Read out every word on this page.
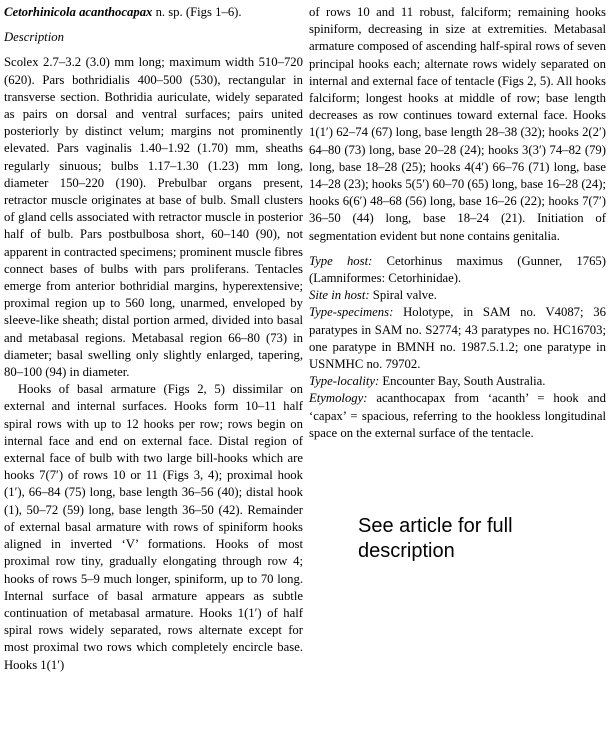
Cetorhinicola acanthocapax n. sp. (Figs 1–6).

Description

Scolex 2.7–3.2 (3.0) mm long; maximum width 510–720 (620). Pars bothridialis 400–500 (530), rectangular in transverse section. Bothridia auriculate, widely separated as pairs on dorsal and ventral surfaces; pairs united posteriorly by distinct velum; margins not prominently elevated. Pars vaginalis 1.40–1.92 (1.70) mm, sheaths regularly sinuous; bulbs 1.17–1.30 (1.23) mm long, diameter 150–220 (190). Prebulbar organs present, retractor muscle originates at base of bulb. Small clusters of gland cells associated with retractor muscle in posterior half of bulb. Pars postbulbosa short, 60–140 (90), not apparent in contracted specimens; prominent muscle fibres connect bases of bulbs with pars proliferans. Tentacles emerge from anterior bothridial margins, hyperextensive; proximal region up to 560 long, unarmed, enveloped by sleeve-like sheath; distal portion armed, divided into basal and metabasal regions. Metabasal region 66–80 (73) in diameter; basal swelling only slightly enlarged, tapering, 80–100 (94) in diameter.

Hooks of basal armature (Figs 2, 5) dissimilar on external and internal surfaces. Hooks form 10–11 half spiral rows with up to 12 hooks per row; rows begin on internal face and end on external face. Distal region of external face of bulb with two large bill-hooks which are hooks 7(7′) of rows 10 or 11 (Figs 3, 4); proximal hook (1′), 66–84 (75) long, base length 36–56 (40); distal hook (1), 50–72 (59) long, base length 36–50 (42). Remainder of external basal armature with rows of spiniform hooks aligned in inverted ‘V’ formations. Hooks of most proximal row tiny, gradually elongating through row 4; hooks of rows 5–9 much longer, spiniform, up to 70 long. Internal surface of basal armature appears as subtle continuation of metabasal armature. Hooks 1(1′) of half spiral rows widely separated, rows alternate except for most proximal two rows which completely encircle base. Hooks 1(1′)

of rows 10 and 11 robust, falciform; remaining hooks spiniform, decreasing in size at extremities. Metabasal armature composed of ascending half-spiral rows of seven principal hooks each; alternate rows widely separated on internal and external face of tentacle (Figs 2, 5). All hooks falciform; longest hooks at middle of row; base length decreases as row continues toward external face. Hooks 1(1′) 62–74 (67) long, base length 28–38 (32); hooks 2(2′) 64–80 (73) long, base 20–28 (24); hooks 3(3′) 74–82 (79) long, base 18–28 (25); hooks 4(4′) 66–76 (71) long, base 14–28 (23); hooks 5(5′) 60–70 (65) long, base 16–28 (24); hooks 6(6′) 48–68 (56) long, base 16–26 (22); hooks 7(7′) 36–50 (44) long, base 18–24 (21). Initiation of segmentation evident but none contains genitalia.

Type host: Cetorhinus maximus (Gunner, 1765) (Lamniformes: Cetorhinidae).

Site in host: Spiral valve.

Type-specimens: Holotype, in SAM no. V4087; 36 paratypes in SAM no. S2774; 43 paratypes no. HC16703; one paratype in BMNH no. 1987.5.1.2; one paratype in USNMHC no. 79702.

Type-locality: Encounter Bay, South Australia.

Etymology: acanthocapax from ‘acanth’ = hook and ‘capax’ = spacious, referring to the hookless longitudinal space on the external surface of the tentacle.

See article for full description
